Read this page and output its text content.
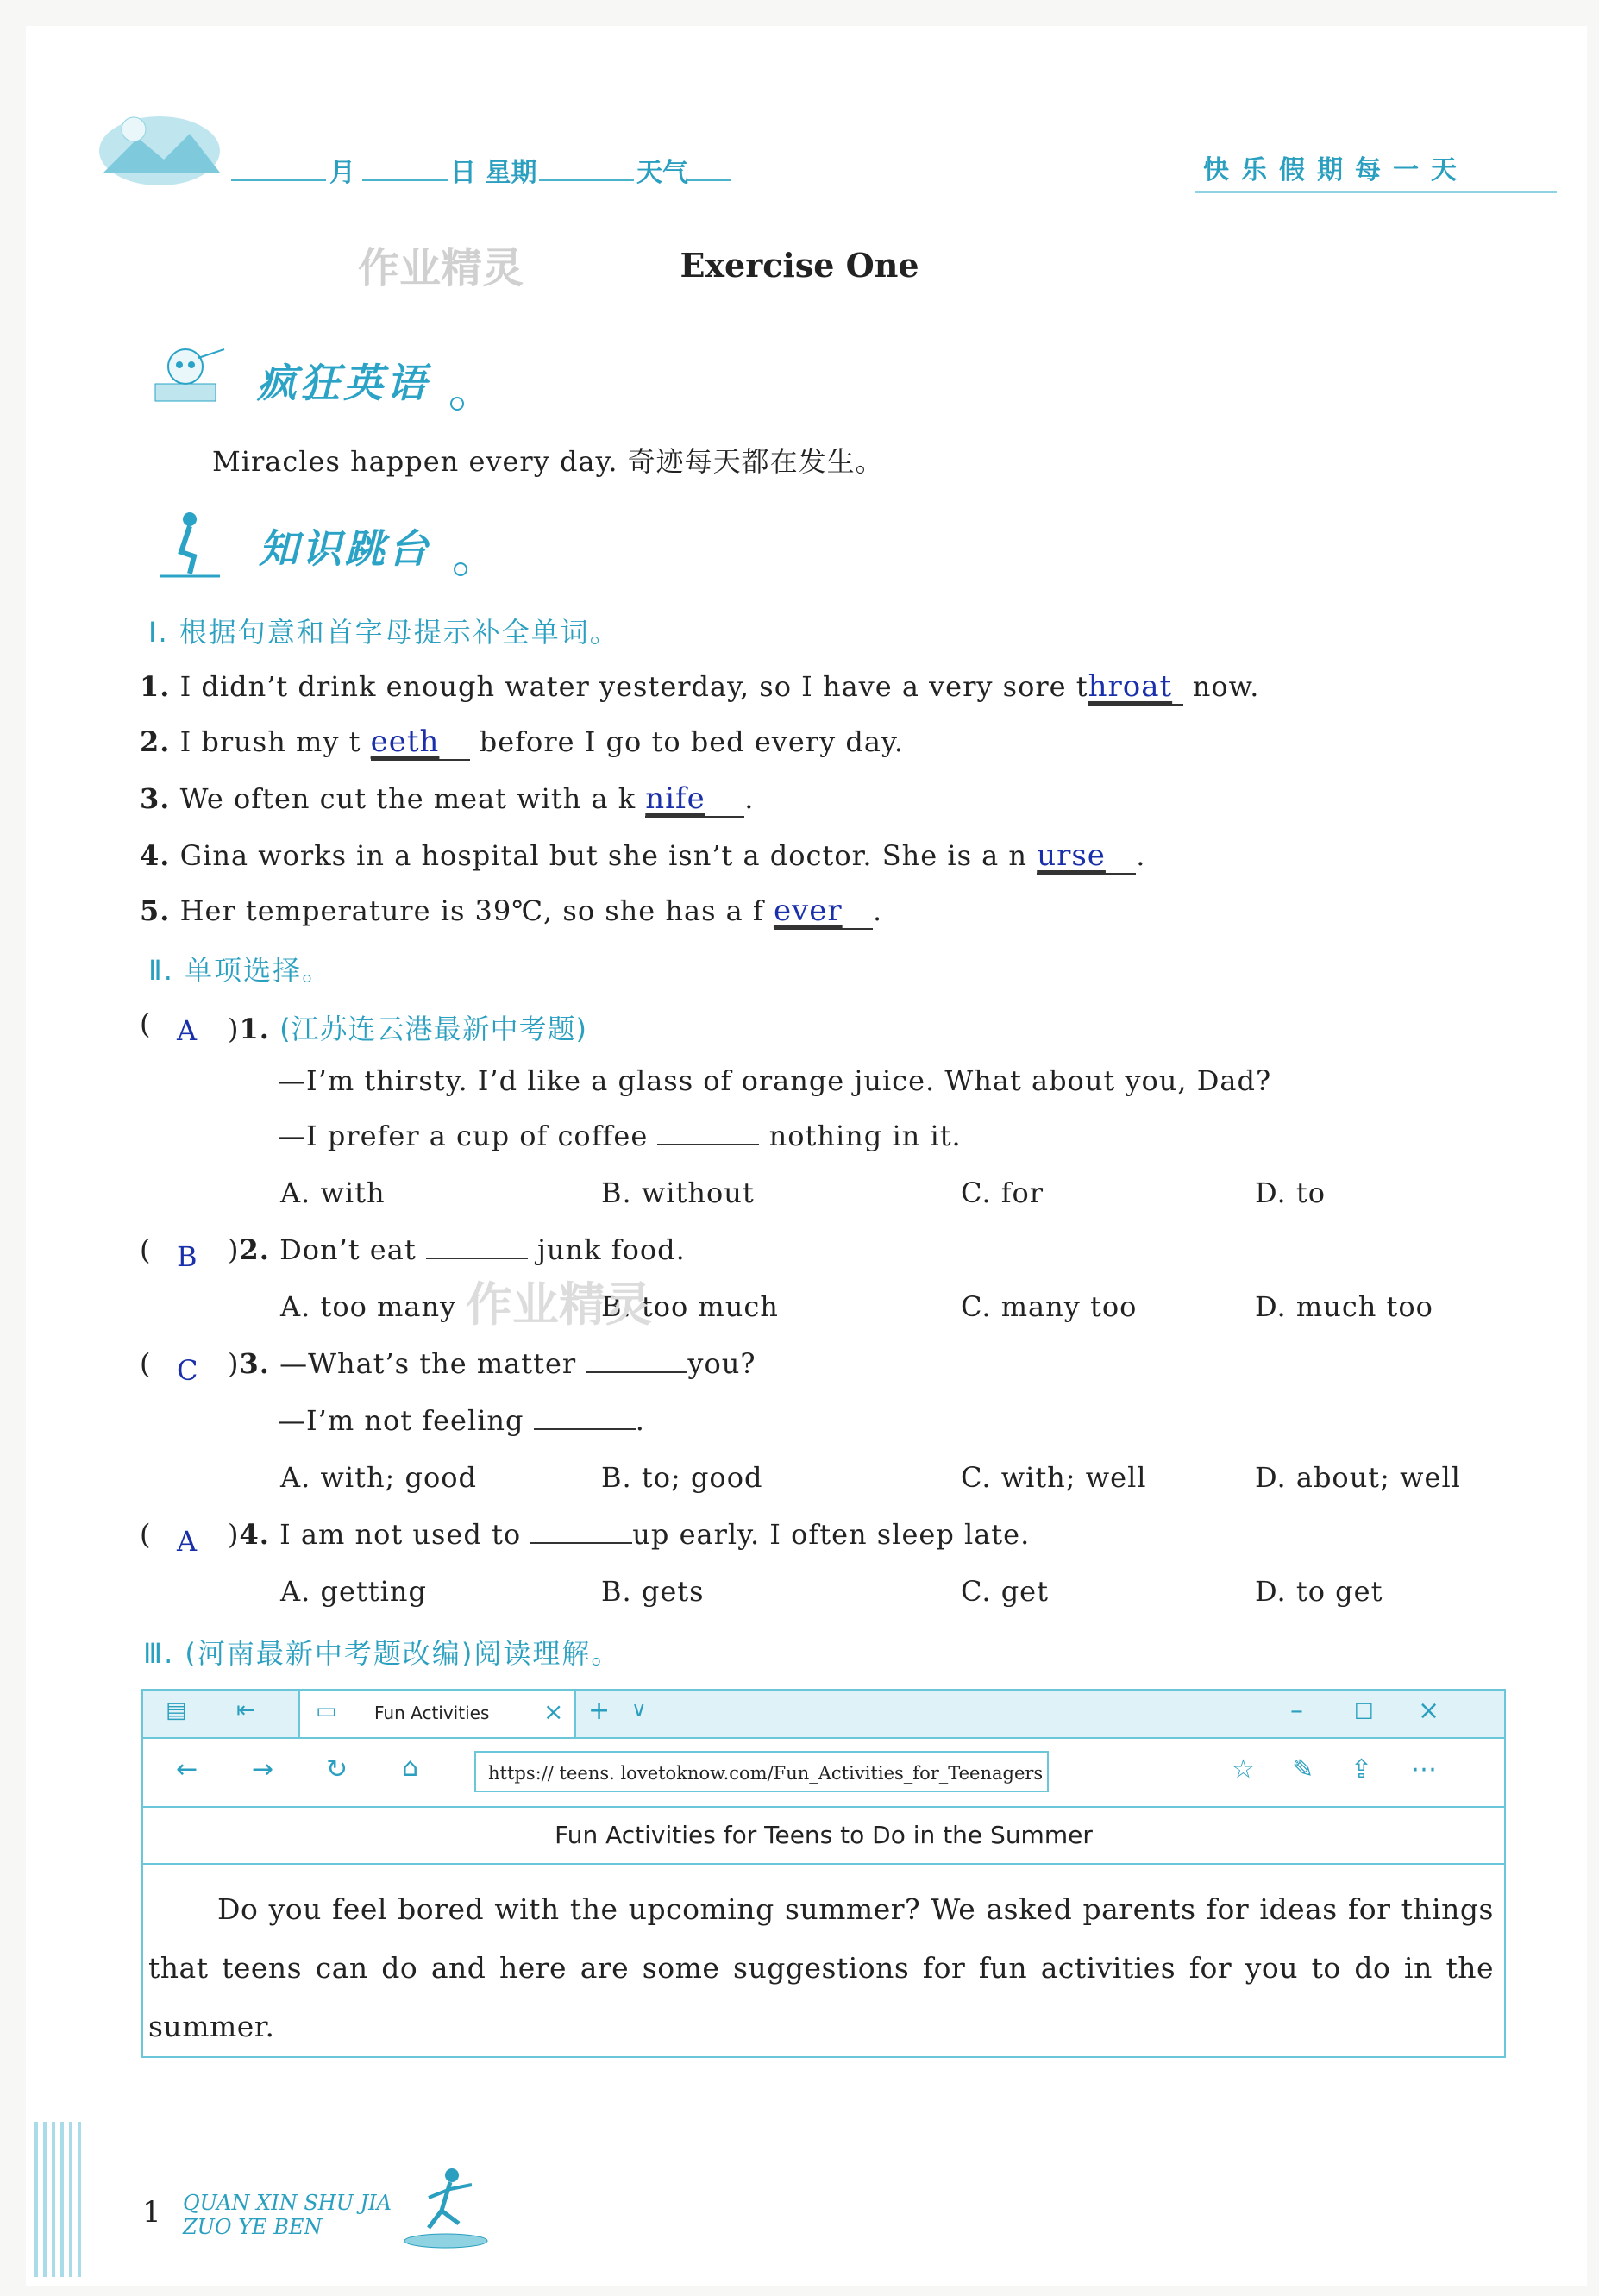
月	日 星期	天气	快乐假期每一天
作业精灵	Exercise One
疯狂英语
Miracles happen every day. 奇迹每天都在发生。
知识跳台
Ⅰ. 根据句意和首字母提示补全单词。
1. I didn’t drink enough water yesterday, so I have a very sore throat now.
2. I brush my t eeth before I go to bed every day.
3. We often cut the meat with a k nife .
4. Gina works in a hospital but she isn’t a doctor. She is a n urse .
5. Her temperature is 39℃, so she has a f ever .
Ⅱ. 单项选择。
( A )1. (江苏连云港最新中考题)
—I’m thirsty. I’d like a glass of orange juice. What about you, Dad?
—I prefer a cup of coffee	nothing in it.
A. with	B. without	C. for	D. to
( B )2. Don’t eat	junk food.
A. too many	B. too much	C. many too	D. much too
作业精灵
( C )3. —What’s the matter	you?
—I’m not feeling	.
A. with; good	B. to; good	C. with; well	D. about; well
( A )4. I am not used to	up early. I often sleep late.
A. getting	B. gets	C. get	D. to get
Ⅲ. (河南最新中考题改编)阅读理解。
▤ ⇤	▭ Fun Activities × + ∨	– □ ×
← → ↻ ⌂	https:// teens. lovetoknow.com/Fun_Activities_for_Teenagers	☆ ✎ ⇪ ⋯
Fun Activities for Teens to Do in the Summer
Do you feel bored with the upcoming summer? We asked parents for ideas for things that teens can do and here are some suggestions for fun activities for you to do in the summer.
1 QUAN XIN SHU JIA
ZUO YE BEN
